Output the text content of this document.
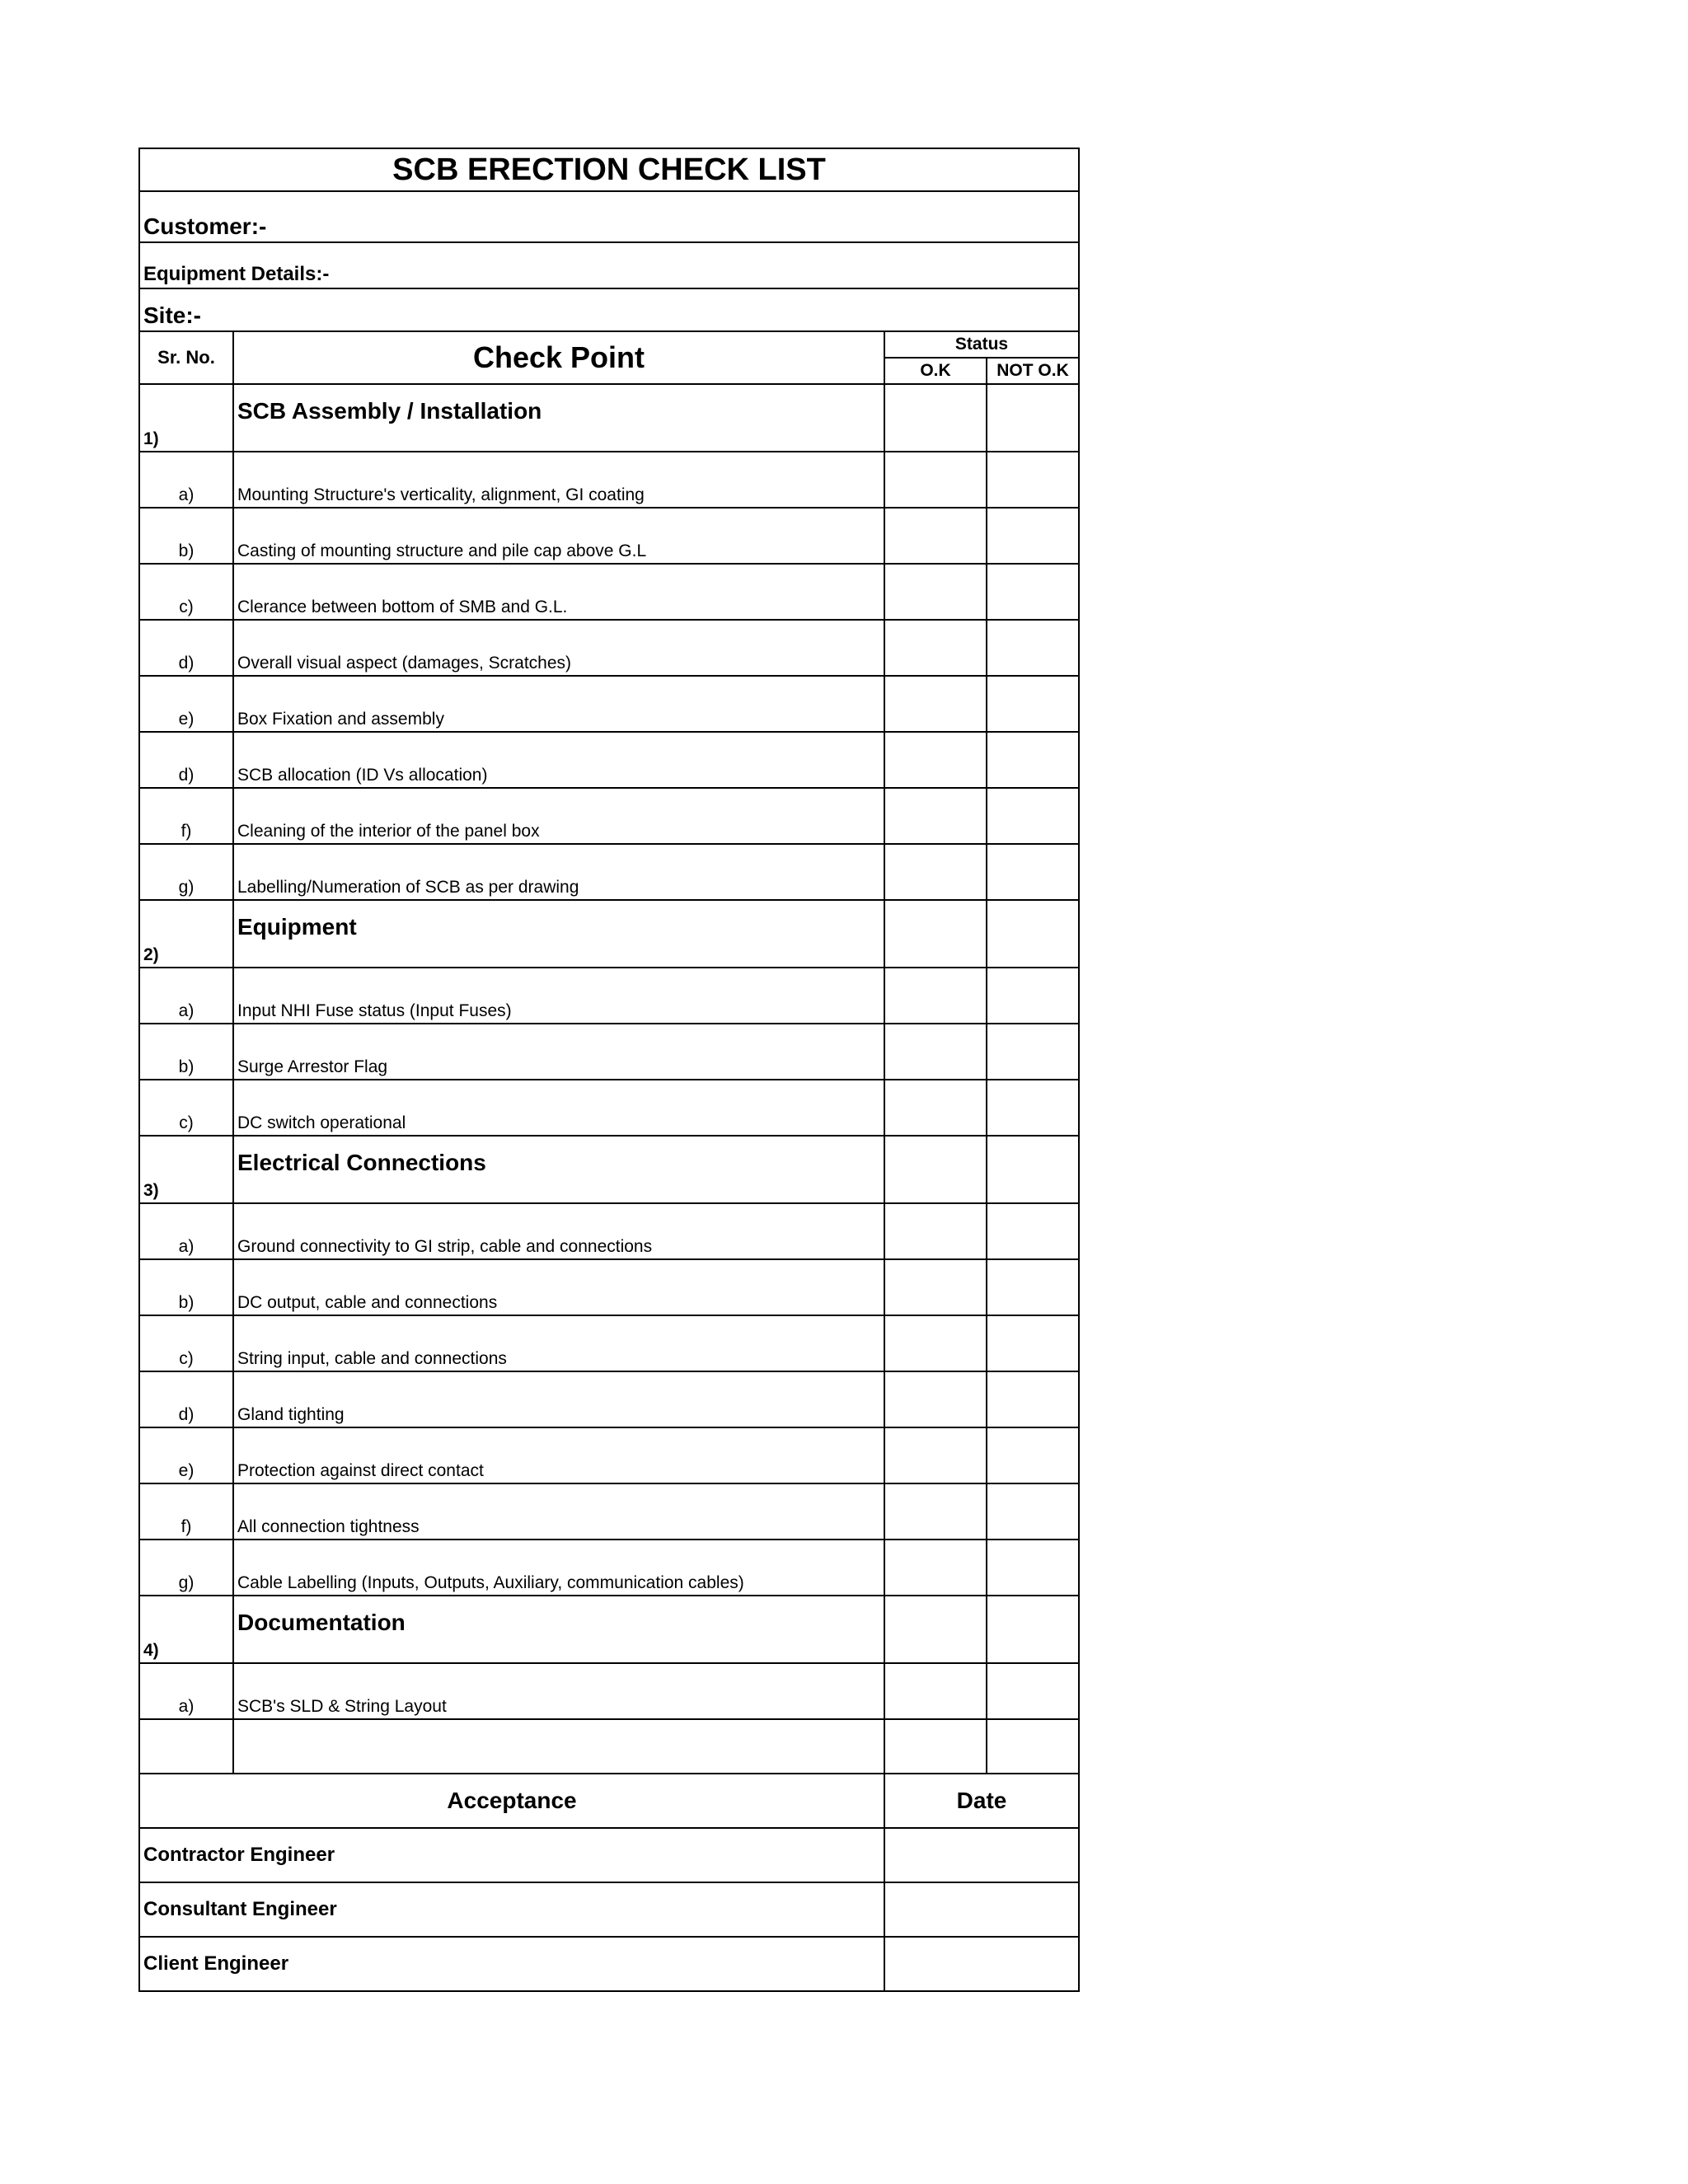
SCB ERECTION CHECK LIST			
Customer:-			
Equipment Details:-			
Site:-			
Sr. No.	Check Point	Status	
		O.K	NOT O.K
1)	SCB Assembly / Installation		
a)	Mounting Structure's verticality, alignment, GI coating		
b)	Casting of mounting structure and pile cap above G.L		
c)	Clerance between bottom of SMB and G.L.		
d)	Overall visual aspect (damages, Scratches)		
e)	Box Fixation and assembly		
d)	SCB allocation (ID Vs allocation)		
f)	Cleaning of the interior of the panel box		
g)	Labelling/Numeration of SCB as per drawing		
2)	Equipment		
a)	Input NHI Fuse status (Input Fuses)		
b)	Surge Arrestor Flag		
c)	DC switch operational		
3)	Electrical Connections		
a)	Ground connectivity to GI strip, cable and connections		
b)	DC output, cable and connections		
c)	String input, cable and connections		
d)	Gland tighting		
e)	Protection against direct contact		
f)	All connection tightness		
g)	Cable Labelling (Inputs, Outputs, Auxiliary, communication cables)		
4)	Documentation		
a)	SCB's SLD & String Layout		

Acceptance		Date	
Contractor Engineer			
Consultant Engineer			
Client Engineer			
